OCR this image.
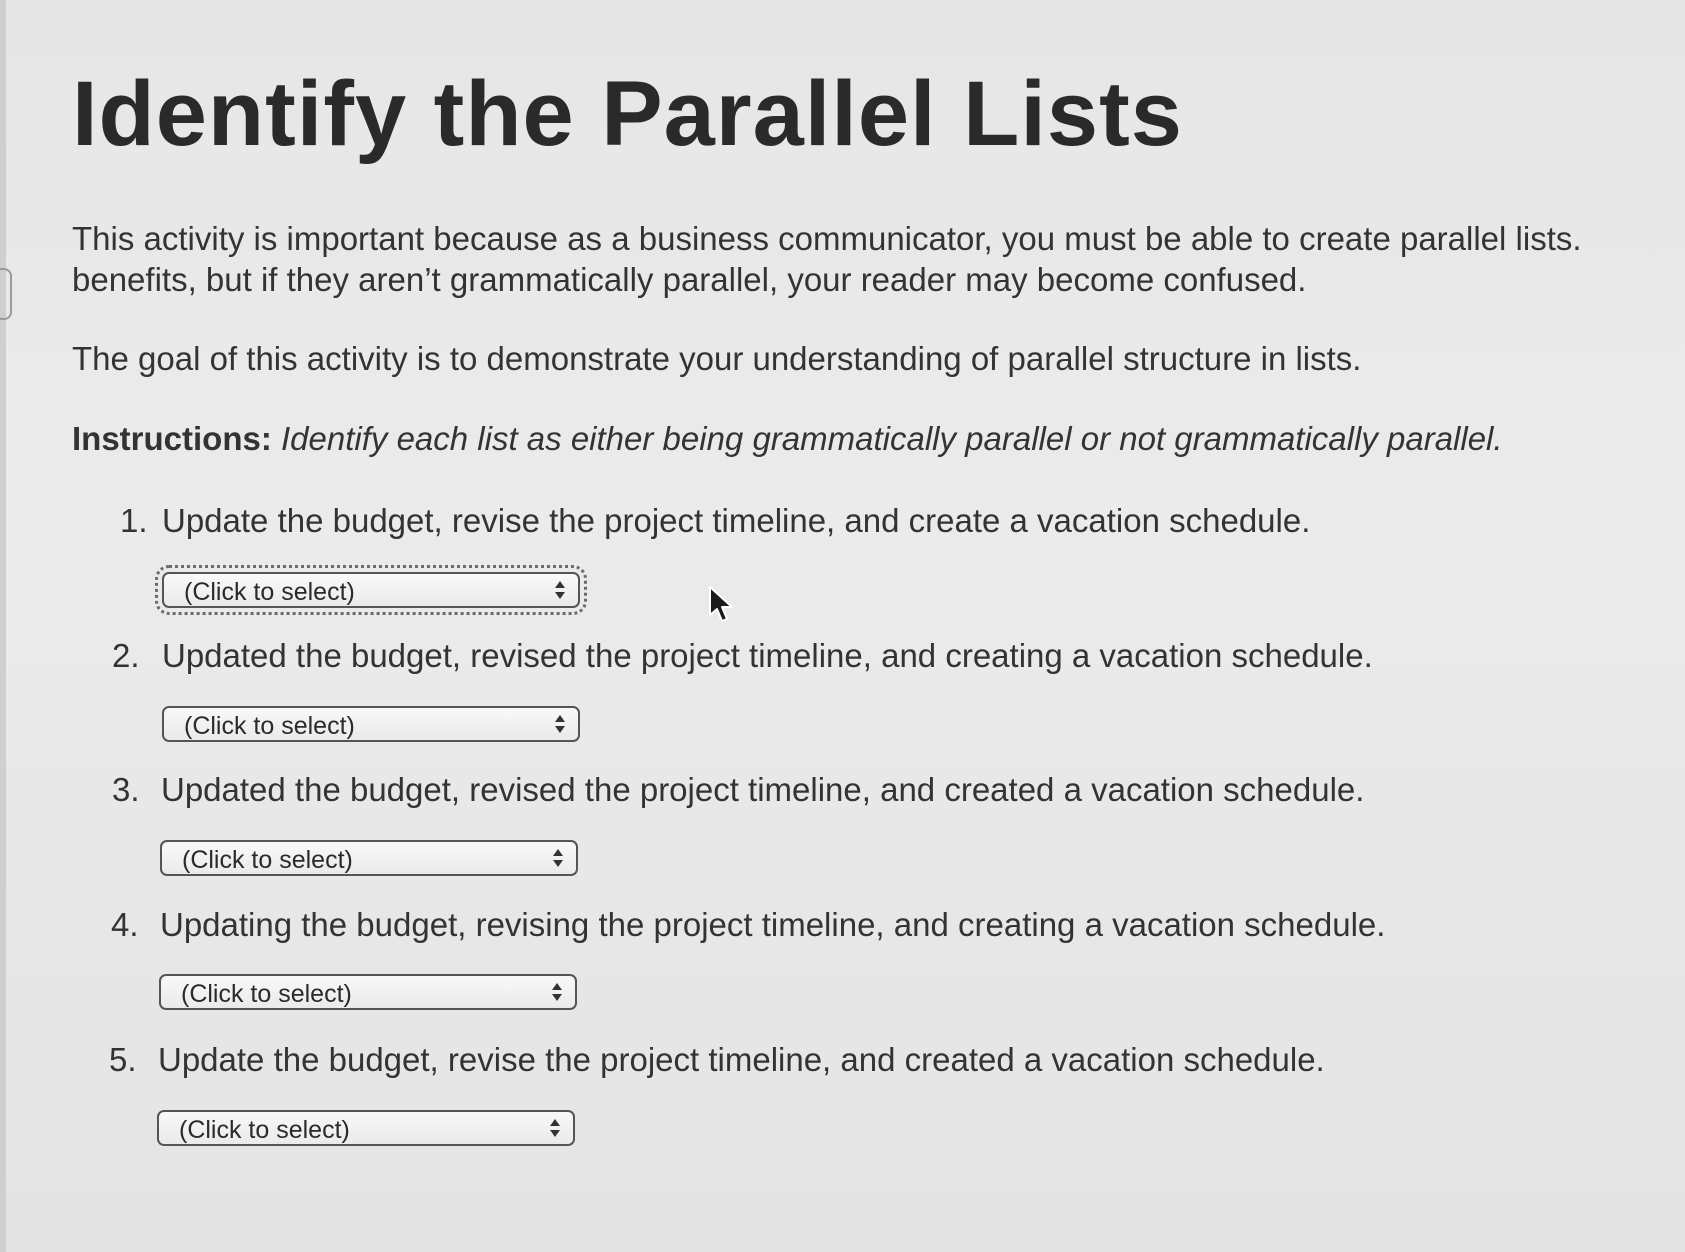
Identify the Parallel Lists

This activity is important because as a business communicator, you must be able to create parallel lists.
benefits, but if they aren’t grammatically parallel, your reader may become confused.

The goal of this activity is to demonstrate your understanding of parallel structure in lists.

Instructions: Identify each list as either being grammatically parallel or not grammatically parallel.

1. Update the budget, revise the project timeline, and create a vacation schedule.
(Click to select)
2. Updated the budget, revised the project timeline, and creating a vacation schedule.
(Click to select)
3. Updated the budget, revised the project timeline, and created a vacation schedule.
(Click to select)
4. Updating the budget, revising the project timeline, and creating a vacation schedule.
(Click to select)
5. Update the budget, revise the project timeline, and created a vacation schedule.
(Click to select)
